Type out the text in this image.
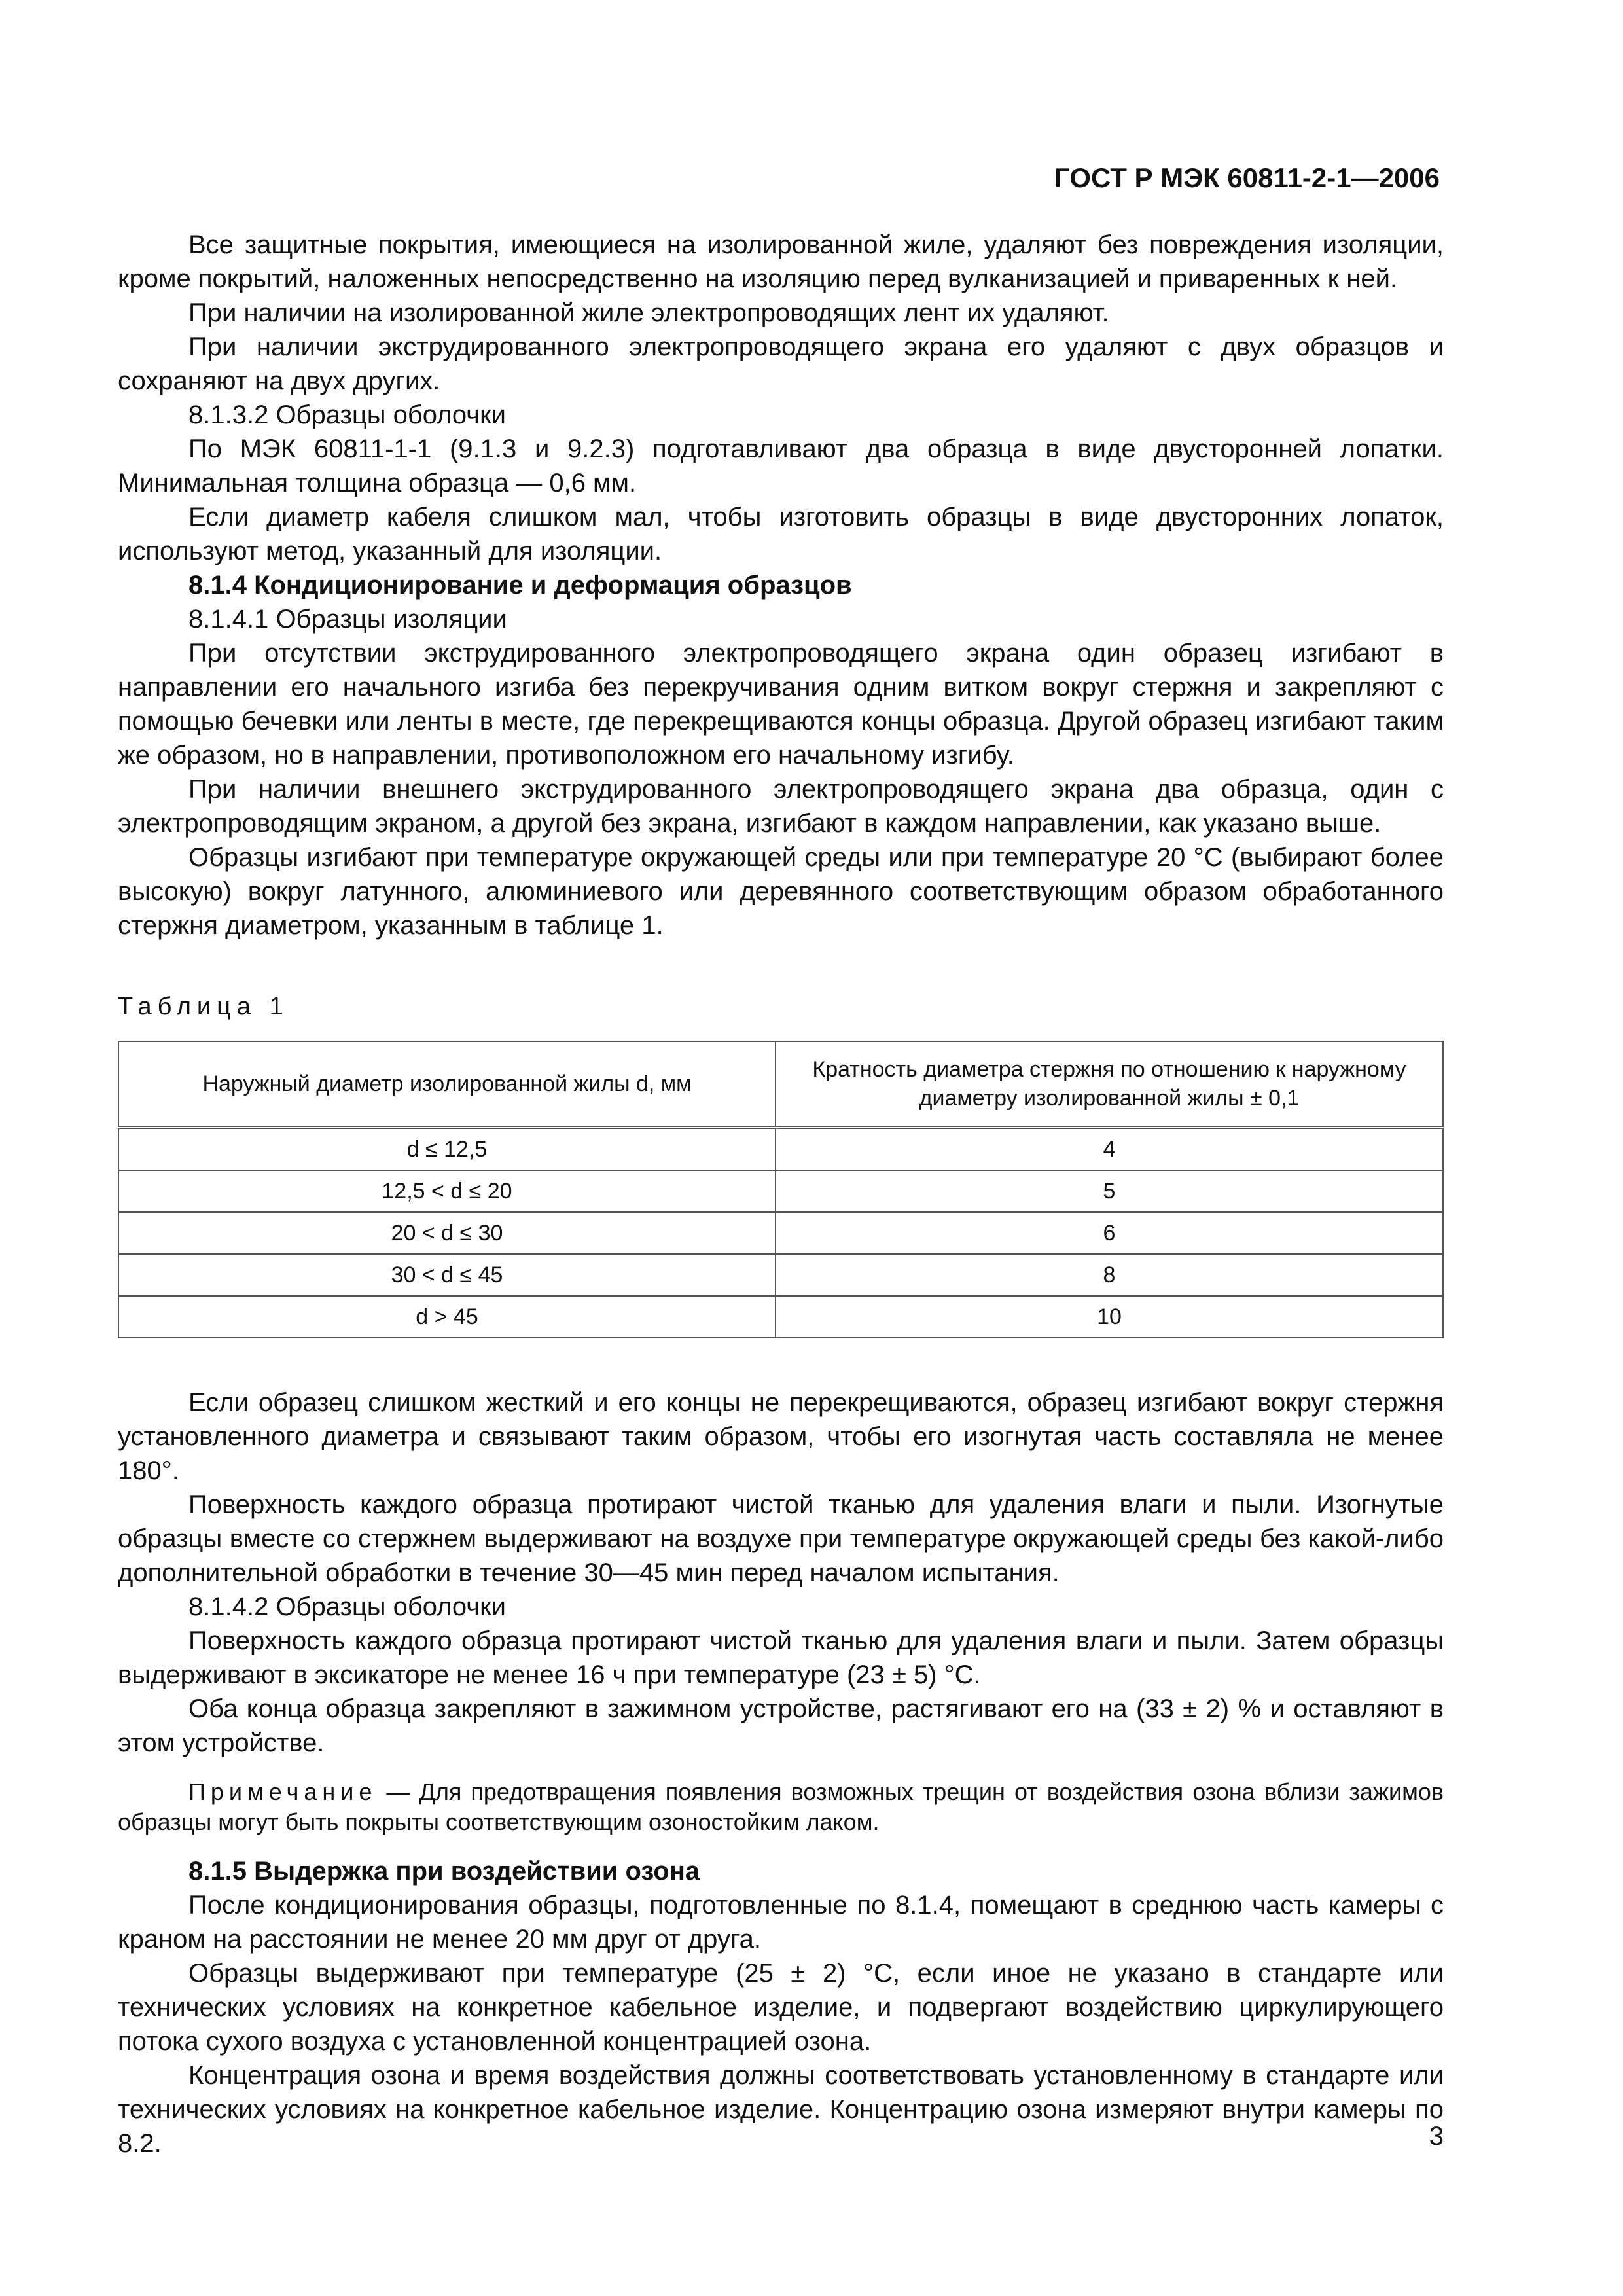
ГОСТ Р МЭК 60811-2-1—2006

Все защитные покрытия, имеющиеся на изолированной жиле, удаляют без повреждения изоляции, кроме покрытий, наложенных непосредственно на изоляцию перед вулканизацией и приваренных к ней.

При наличии на изолированной жиле электропроводящих лент их удаляют.

При наличии экструдированного электропроводящего экрана его удаляют с двух образцов и сохраняют на двух других.

8.1.3.2 Образцы оболочки

По МЭК 60811-1-1 (9.1.3 и 9.2.3) подготавливают два образца в виде двусторонней лопатки. Минимальная толщина образца — 0,6 мм.

Если диаметр кабеля слишком мал, чтобы изготовить образцы в виде двусторонних лопаток, используют метод, указанный для изоляции.

8.1.4 Кондиционирование и деформация образцов

8.1.4.1 Образцы изоляции

При отсутствии экструдированного электропроводящего экрана один образец изгибают в направлении его начального изгиба без перекручивания одним витком вокруг стержня и закрепляют с помощью бечевки или ленты в месте, где перекрещиваются концы образца. Другой образец изгибают таким же образом, но в направлении, противоположном его начальному изгибу.

При наличии внешнего экструдированного электропроводящего экрана два образца, один с электропроводящим экраном, а другой без экрана, изгибают в каждом направлении, как указано выше.

Образцы изгибают при температуре окружающей среды или при температуре 20 °С (выбирают более высокую) вокруг латунного, алюминиевого или деревянного соответствующим образом обработанного стержня диаметром, указанным в таблице 1.

Таблица 1
Наружный диаметр изолированной жилы d, мм	Кратность диаметра стержня по отношению к наружному диаметру изолированной жилы ± 0,1
d ≤ 12,5	4
12,5 < d ≤ 20	5
20 < d ≤ 30	6
30 < d ≤ 45	8
d > 45	10

Если образец слишком жесткий и его концы не перекрещиваются, образец изгибают вокруг стержня установленного диаметра и связывают таким образом, чтобы его изогнутая часть составляла не менее 180°.

Поверхность каждого образца протирают чистой тканью для удаления влаги и пыли. Изогнутые образцы вместе со стержнем выдерживают на воздухе при температуре окружающей среды без какой-либо дополнительной обработки в течение 30—45 мин перед началом испытания.

8.1.4.2 Образцы оболочки

Поверхность каждого образца протирают чистой тканью для удаления влаги и пыли. Затем образцы выдерживают в эксикаторе не менее 16 ч при температуре (23 ± 5) °С.

Оба конца образца закрепляют в зажимном устройстве, растягивают его на (33 ± 2) % и оставляют в этом устройстве.

Примечание — Для предотвращения появления возможных трещин от воздействия озона вблизи зажимов образцы могут быть покрыты соответствующим озоностойким лаком.

8.1.5 Выдержка при воздействии озона

После кондиционирования образцы, подготовленные по 8.1.4, помещают в среднюю часть камеры с краном на расстоянии не менее 20 мм друг от друга.

Образцы выдерживают при температуре (25 ± 2) °С, если иное не указано в стандарте или технических условиях на конкретное кабельное изделие, и подвергают воздействию циркулирующего потока сухого воздуха с установленной концентрацией озона.

Концентрация озона и время воздействия должны соответствовать установленному в стандарте или технических условиях на конкретное кабельное изделие. Концентрацию озона измеряют внутри камеры по 8.2.	3
